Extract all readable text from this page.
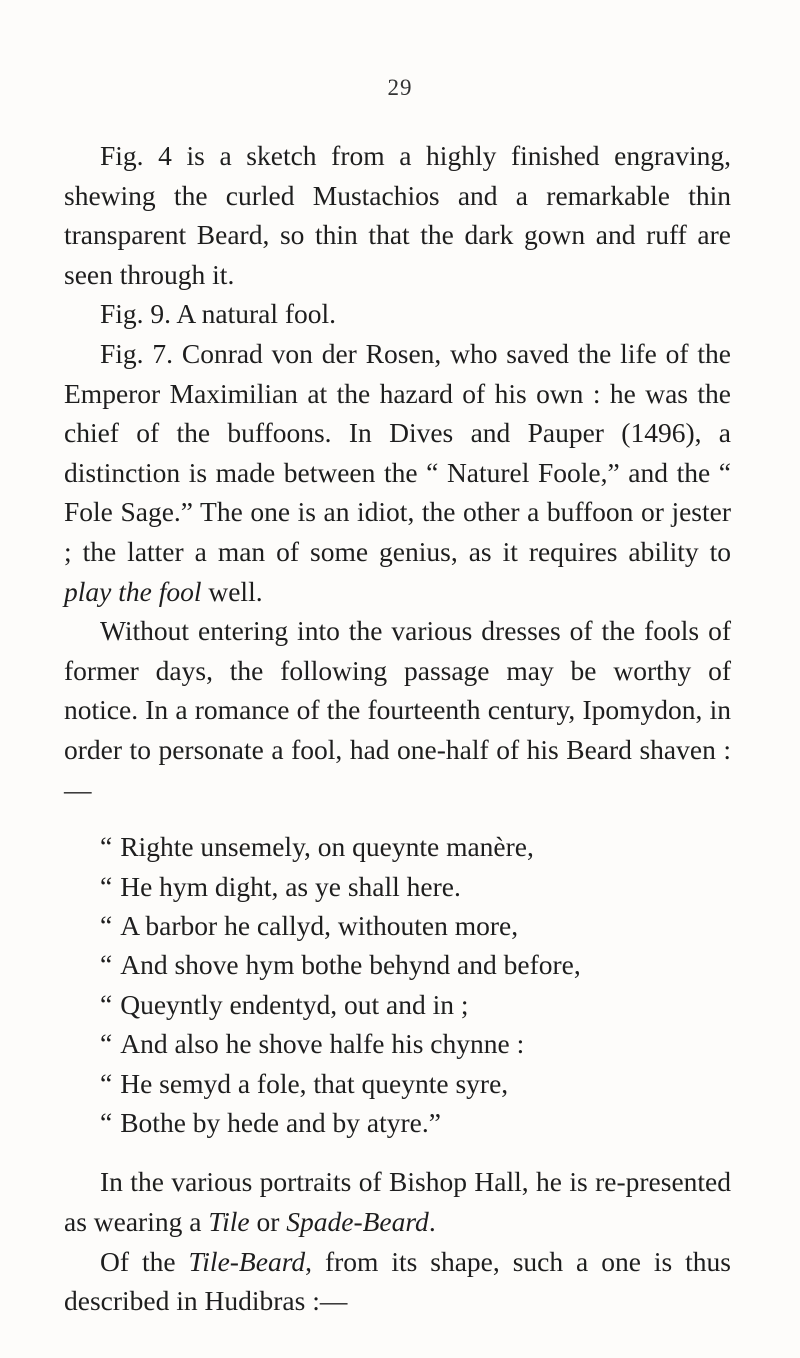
29

Fig. 4 is a sketch from a highly finished engraving, shewing the curled Mustachios and a remarkable thin transparent Beard, so thin that the dark gown and ruff are seen through it.

Fig. 9. A natural fool.

Fig. 7. Conrad von der Rosen, who saved the life of the Emperor Maximilian at the hazard of his own : he was the chief of the buffoons. In Dives and Pauper (1496), a distinction is made between the “ Naturel Foole,” and the “ Fole Sage.” The one is an idiot, the other a buffoon or jester ; the latter a man of some genius, as it requires ability to play the fool well.

Without entering into the various dresses of the fools of former days, the following passage may be worthy of notice. In a romance of the fourteenth century, Ipomydon, in order to personate a fool, had one-half of his Beard shaven :—

“ Righte unsemely, on queynte manère,
“ He hym dight, as ye shall here.
“ A barbor he callyd, withouten more,
“ And shove hym bothe behynd and before,
“ Queyntly endentyd, out and in ;
“ And also he shove halfe his chynne :
“ He semyd a fole, that queynte syre,
“ Bothe by hede and by atyre.”

In the various portraits of Bishop Hall, he is re-presented as wearing a Tile or Spade-Beard.

Of the Tile-Beard, from its shape, such a one is thus described in Hudibras :—
